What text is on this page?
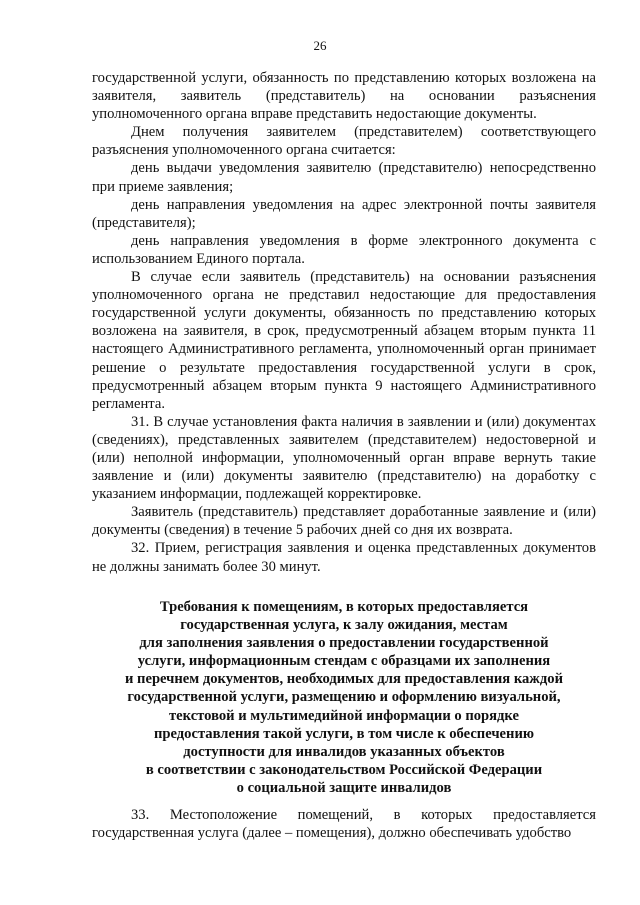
26

государственной услуги, обязанность по представлению которых возложена на заявителя, заявитель (представитель) на основании разъяснения уполномоченного органа вправе представить недостающие документы.

Днем получения заявителем (представителем) соответствующего разъяснения уполномоченного органа считается:

день выдачи уведомления заявителю (представителю) непосредственно при приеме заявления;

день направления уведомления на адрес электронной почты заявителя (представителя);

день направления уведомления в форме электронного документа с использованием Единого портала.

В случае если заявитель (представитель) на основании разъяснения уполномоченного органа не представил недостающие для предоставления государственной услуги документы, обязанность по представлению которых возложена на заявителя, в срок, предусмотренный абзацем вторым пункта 11 настоящего Административного регламента, уполномоченный орган принимает решение о результате предоставления государственной услуги в срок, предусмотренный абзацем вторым пункта 9 настоящего Административного регламента.

31. В случае установления факта наличия в заявлении и (или) документах (сведениях), представленных заявителем (представителем) недостоверной и (или) неполной информации, уполномоченный орган вправе вернуть такие заявление и (или) документы заявителю (представителю) на доработку с указанием информации, подлежащей корректировке.

Заявитель (представитель) представляет доработанные заявление и (или) документы (сведения) в течение 5 рабочих дней со дня их возврата.

32. Прием, регистрация заявления и оценка представленных документов не должны занимать более 30 минут.

Требования к помещениям, в которых предоставляется
государственная услуга, к залу ожидания, местам
для заполнения заявления о предоставлении государственной
услуги, информационным стендам с образцами их заполнения
и перечнем документов, необходимых для предоставления каждой
государственной услуги, размещению и оформлению визуальной,
текстовой и мультимедийной информации о порядке
предоставления такой услуги, в том числе к обеспечению
доступности для инвалидов указанных объектов
в соответствии с законодательством Российской Федерации
о социальной защите инвалидов

33. Местоположение помещений, в которых предоставляется государственная услуга (далее – помещения), должно обеспечивать удобство
